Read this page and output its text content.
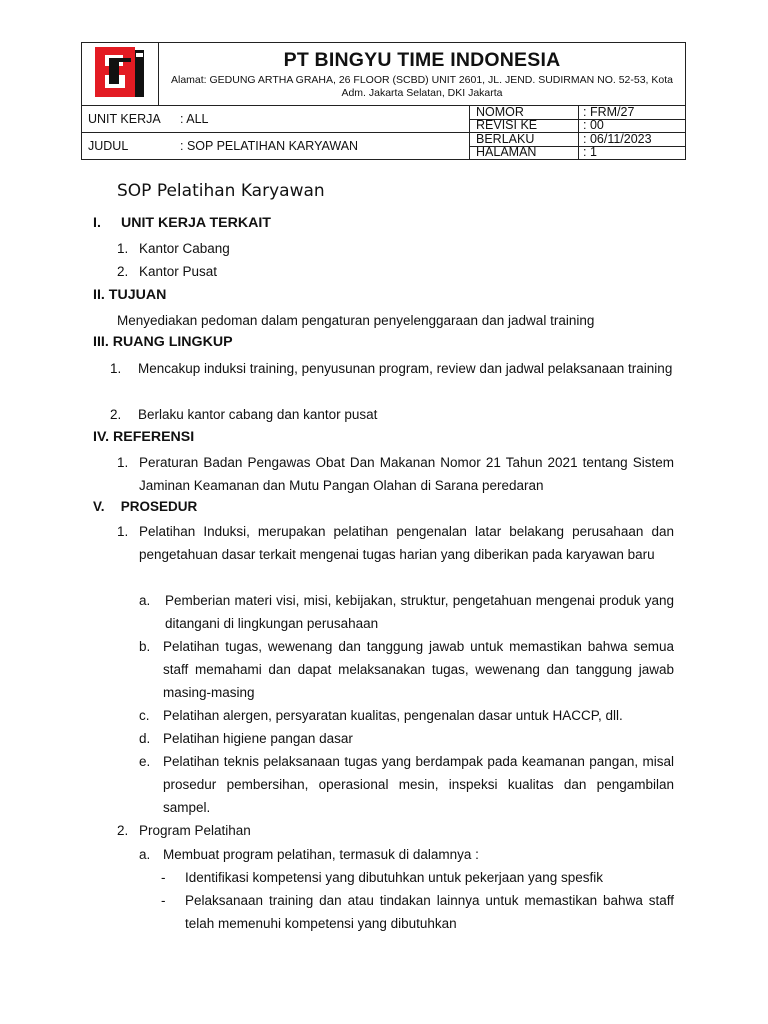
PT BINGYU TIME INDONESIA
Alamat: GEDUNG ARTHA GRAHA, 26 FLOOR (SCBD) UNIT 2601, JL. JEND. SUDIRMAN NO. 52-53, Kota Adm. Jakarta Selatan, DKI Jakarta
UNIT KERJA : ALL	NOMOR	: FRM/27
	REVISI KE	: 00
JUDUL : SOP PELATIHAN KARYAWAN	BERLAKU	: 06/11/2023
	HALAMAN	: 1
SOP Pelatihan Karyawan
I. UNIT KERJA TERKAIT
1. Kantor Cabang
2. Kantor Pusat
II. TUJUAN
Menyediakan pedoman dalam pengaturan penyelenggaraan dan jadwal training
III. RUANG LINGKUP
1. Mencakup induksi training, penyusunan program, review dan jadwal pelaksanaan training
2. Berlaku kantor cabang dan kantor pusat
IV. REFERENSI
1. Peraturan Badan Pengawas Obat Dan Makanan Nomor 21 Tahun 2021 tentang Sistem Jaminan Keamanan dan Mutu Pangan Olahan di Sarana peredaran
V. PROSEDUR
1. Pelatihan Induksi, merupakan pelatihan pengenalan latar belakang perusahaan dan pengetahuan dasar terkait mengenai tugas harian yang diberikan pada karyawan baru
a. Pemberian materi visi, misi, kebijakan, struktur, pengetahuan mengenai produk yang ditangani di lingkungan perusahaan
b. Pelatihan tugas, wewenang dan tanggung jawab untuk memastikan bahwa semua staff memahami dan dapat melaksanakan tugas, wewenang dan tanggung jawab masing-masing
c. Pelatihan alergen, persyaratan kualitas, pengenalan dasar untuk HACCP, dll.
d. Pelatihan higiene pangan dasar
e. Pelatihan teknis pelaksanaan tugas yang berdampak pada keamanan pangan, misal prosedur pembersihan, operasional mesin, inspeksi kualitas dan pengambilan sampel.
2. Program Pelatihan
a. Membuat program pelatihan, termasuk di dalamnya :
- Identifikasi kompetensi yang dibutuhkan untuk pekerjaan yang spesfik
- Pelaksanaan training dan atau tindakan lainnya untuk memastikan bahwa staff telah memenuhi kompetensi yang dibutuhkan
